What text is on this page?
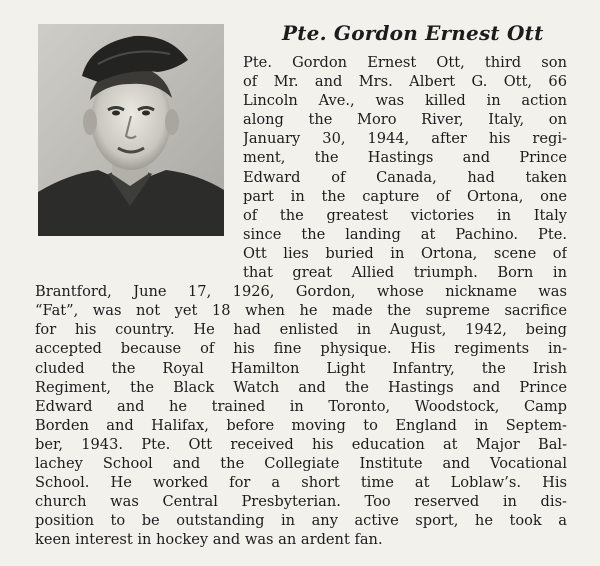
Pte. Gordon Ernest Ott
Pte. Gordon Ernest Ott, third son
of Mr. and Mrs. Albert G. Ott, 66
Lincoln Ave., was killed in action
along the Moro River, Italy, on
January 30, 1944, after his regi-
ment, the Hastings and Prince
Edward of Canada, had taken
part in the capture of Ortona, one
of the greatest victories in Italy
since the landing at Pachino. Pte.
Ott lies buried in Ortona, scene of
that great Allied triumph. Born in
Brantford, June 17, 1926, Gordon, whose nickname was
“Fat”, was not yet 18 when he made the supreme sacrifice
for his country. He had enlisted in August, 1942, being
accepted because of his fine physique. His regiments in-
cluded the Royal Hamilton Light Infantry, the Irish
Regiment, the Black Watch and the Hastings and Prince
Edward and he trained in Toronto, Woodstock, Camp
Borden and Halifax, before moving to England in Septem-
ber, 1943. Pte. Ott received his education at Major Bal-
lachey School and the Collegiate Institute and Vocational
School. He worked for a short time at Loblaw’s. His
church was Central Presbyterian. Too reserved in dis-
position to be outstanding in any active sport, he took a
keen interest in hockey and was an ardent fan.
